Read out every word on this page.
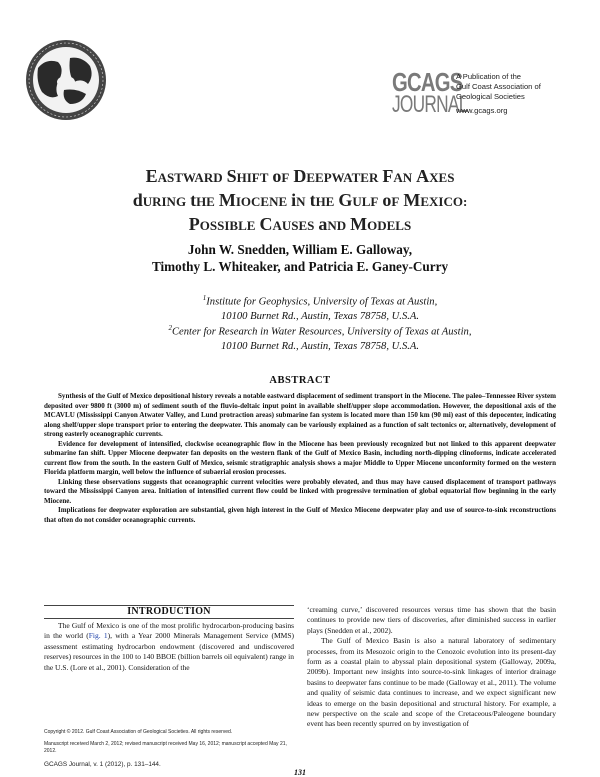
GCAGS
JOURNAL
A Publication of the
Gulf Coast Association of
Geological Societies
www.gcags.org
EASTWARD SHIFT oF DEEPWATER FAN AXES
dURING tHE MIOCENE iN tHE GULF oF MEXICO:
POSSIBLE CAUSES aND MODELS
John W. Snedden, William E. Galloway,
Timothy L. Whiteaker, and Patricia E. Ganey-Curry
$^1$Institute for Geophysics, University of Texas at Austin,
10100 Burnet Rd., Austin, Texas 78758, U.S.A.
$^2$Center for Research in Water Resources, University of Texas at Austin,
10100 Burnet Rd., Austin, Texas 78758, U.S.A.
ABSTRACT

Synthesis of the Gulf of Mexico depositional history reveals a notable eastward displacement of sediment transport in the Miocene. The paleo–Tennessee River system deposited over 9800 ft (3000 m) of sediment south of the fluvio-deltaic input point in available shelf/upper slope accommodation. However, the depositional axis of the MCAVLU (Mississippi Canyon Atwater Valley, and Lund protraction areas) submarine fan system is located more than 150 km (90 mi) east of this depocenter, indicating along shelf/upper slope transport prior to entering the deepwater. This anomaly can be variously explained as a function of salt tectonics or, alternatively, development of strong easterly oceanographic currents.

Evidence for development of intensified, clockwise oceanographic flow in the Miocene has been previously recognized but not linked to this apparent deepwater submarine fan shift. Upper Miocene deepwater fan deposits on the western flank of the Gulf of Mexico Basin, including north-dipping clinoforms, indicate accelerated current flow from the south. In the eastern Gulf of Mexico, seismic stratigraphic analysis shows a major Middle to Upper Miocene unconformity formed on the western Florida platform margin, well below the influence of subaerial erosion processes.

Linking these observations suggests that oceanographic current velocities were probably elevated, and thus may have caused displacement of transport pathways toward the Mississippi Canyon area. Initiation of intensified current flow could be linked with progressive termination of global equatorial flow beginning in the early Miocene.

Implications for deepwater exploration are substantial, given high interest in the Gulf of Mexico Miocene deepwater play and use of source-to-sink reconstructions that often do not consider oceanographic currents.

INTRODUCTION

The Gulf of Mexico is one of the most prolific hydrocarbon-producing basins in the world (Fig. 1), with a Year 2000 Minerals Management Service (MMS) assessment estimating hydrocarbon endowment (discovered and undiscovered reserves) resources in the 100 to 140 BBOE (billion barrels oil equivalent) range in the U.S. (Lore et al., 2001). Consideration of the

Copyright © 2012. Gulf Coast Association of Geological Societies. All rights reserved.
Manuscript received March 2, 2012; revised manuscript received May 16, 2012; manuscript accepted May 21, 2012.
GCAGS Journal, v. 1 (2012), p. 131–144.

‘creaming curve,’ discovered resources versus time has shown that the basin continues to provide new tiers of discoveries, after diminished success in earlier plays (Snedden et al., 2002).

The Gulf of Mexico Basin is also a natural laboratory of sedimentary processes, from its Mesozoic origin to the Cenozoic evolution into its present-day form as a coastal plain to abyssal plain depositional system (Galloway, 2009a, 2009b). Important new insights into source-to-sink linkages of interior drainage basins to deepwater fans continue to be made (Galloway et al., 2011). The volume and quality of seismic data continues to increase, and we expect significant new ideas to emerge on the basin depositional and structural history. For example, a new perspective on the scale and scope of the Cretaceous/Paleogene boundary event has been recently spurred on by investigation of

131
